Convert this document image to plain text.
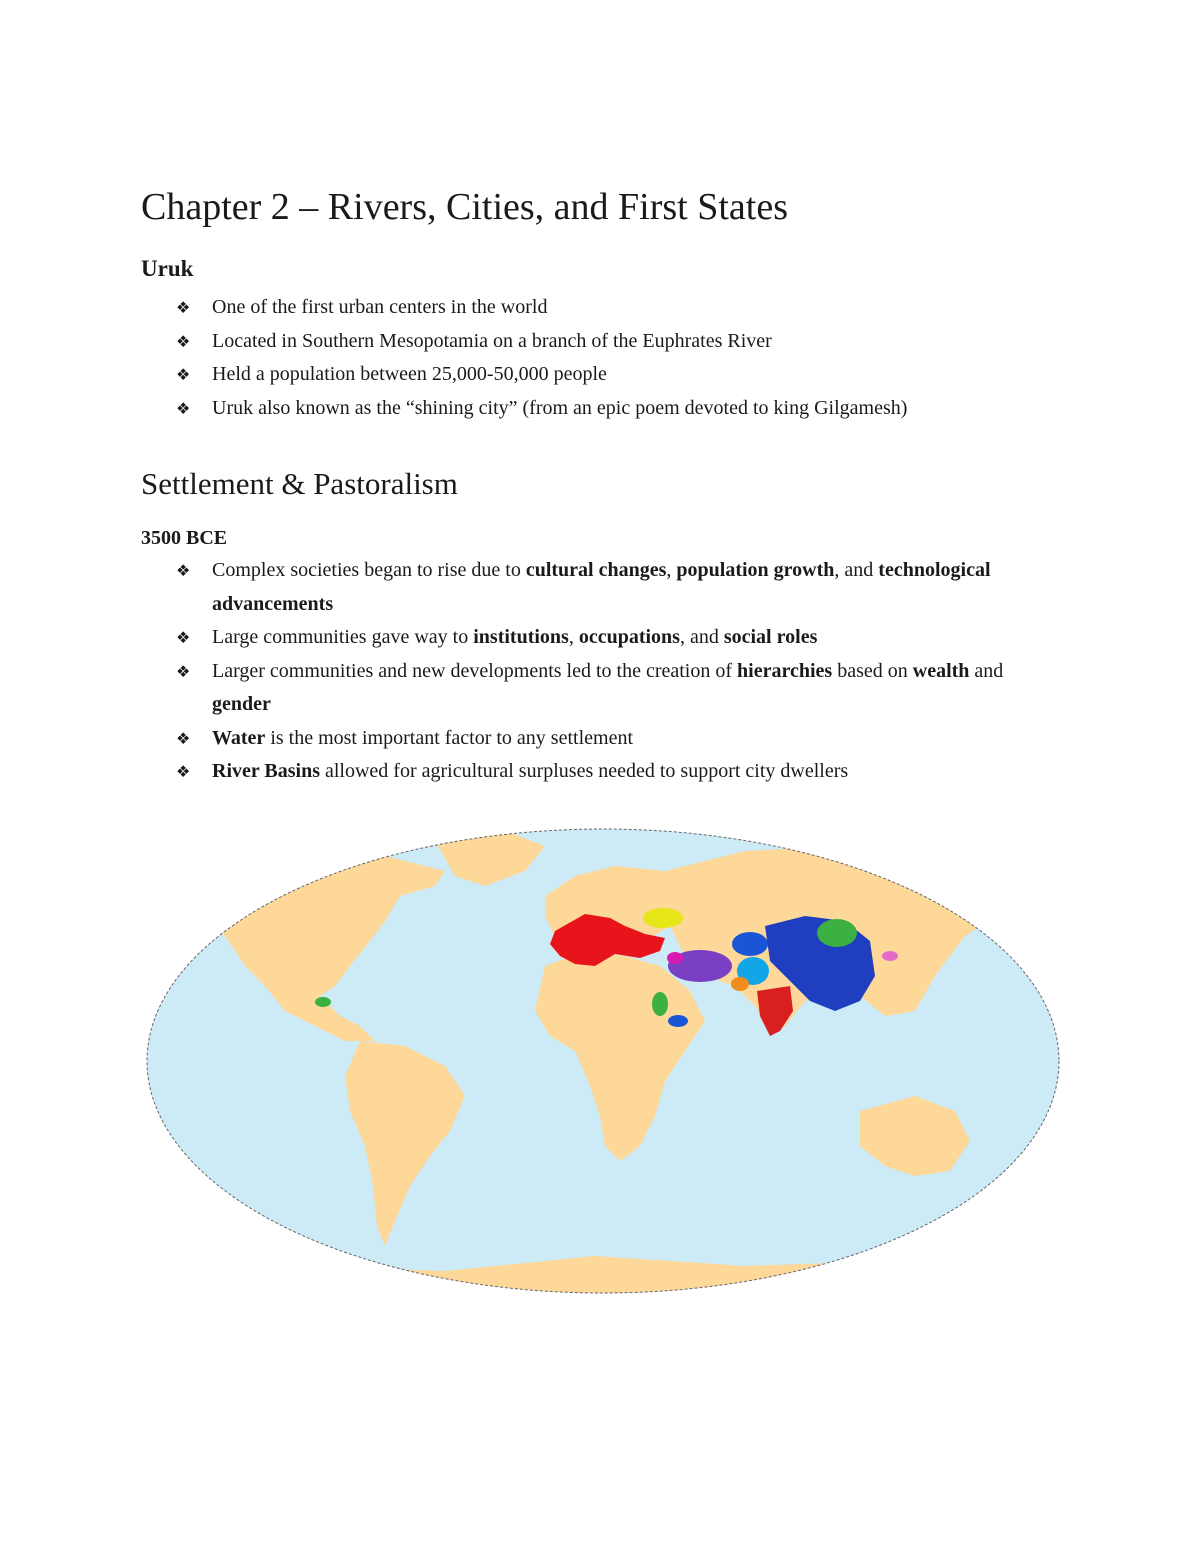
Chapter 2 – Rivers, Cities, and First States
Uruk
❖ One of the first urban centers in the world
❖ Located in Southern Mesopotamia on a branch of the Euphrates River
❖ Held a population between 25,000-50,000 people
❖ Uruk also known as the “shining city” (from an epic poem devoted to king Gilgamesh)
Settlement & Pastoralism
3500 BCE
❖ Complex societies began to rise due to cultural changes, population growth, and technological advancements
❖ Large communities gave way to institutions, occupations, and social roles
❖ Larger communities and new developments led to the creation of hierarchies based on wealth and gender
❖ Water is the most important factor to any settlement
❖ River Basins allowed for agricultural surpluses needed to support city dwellers
